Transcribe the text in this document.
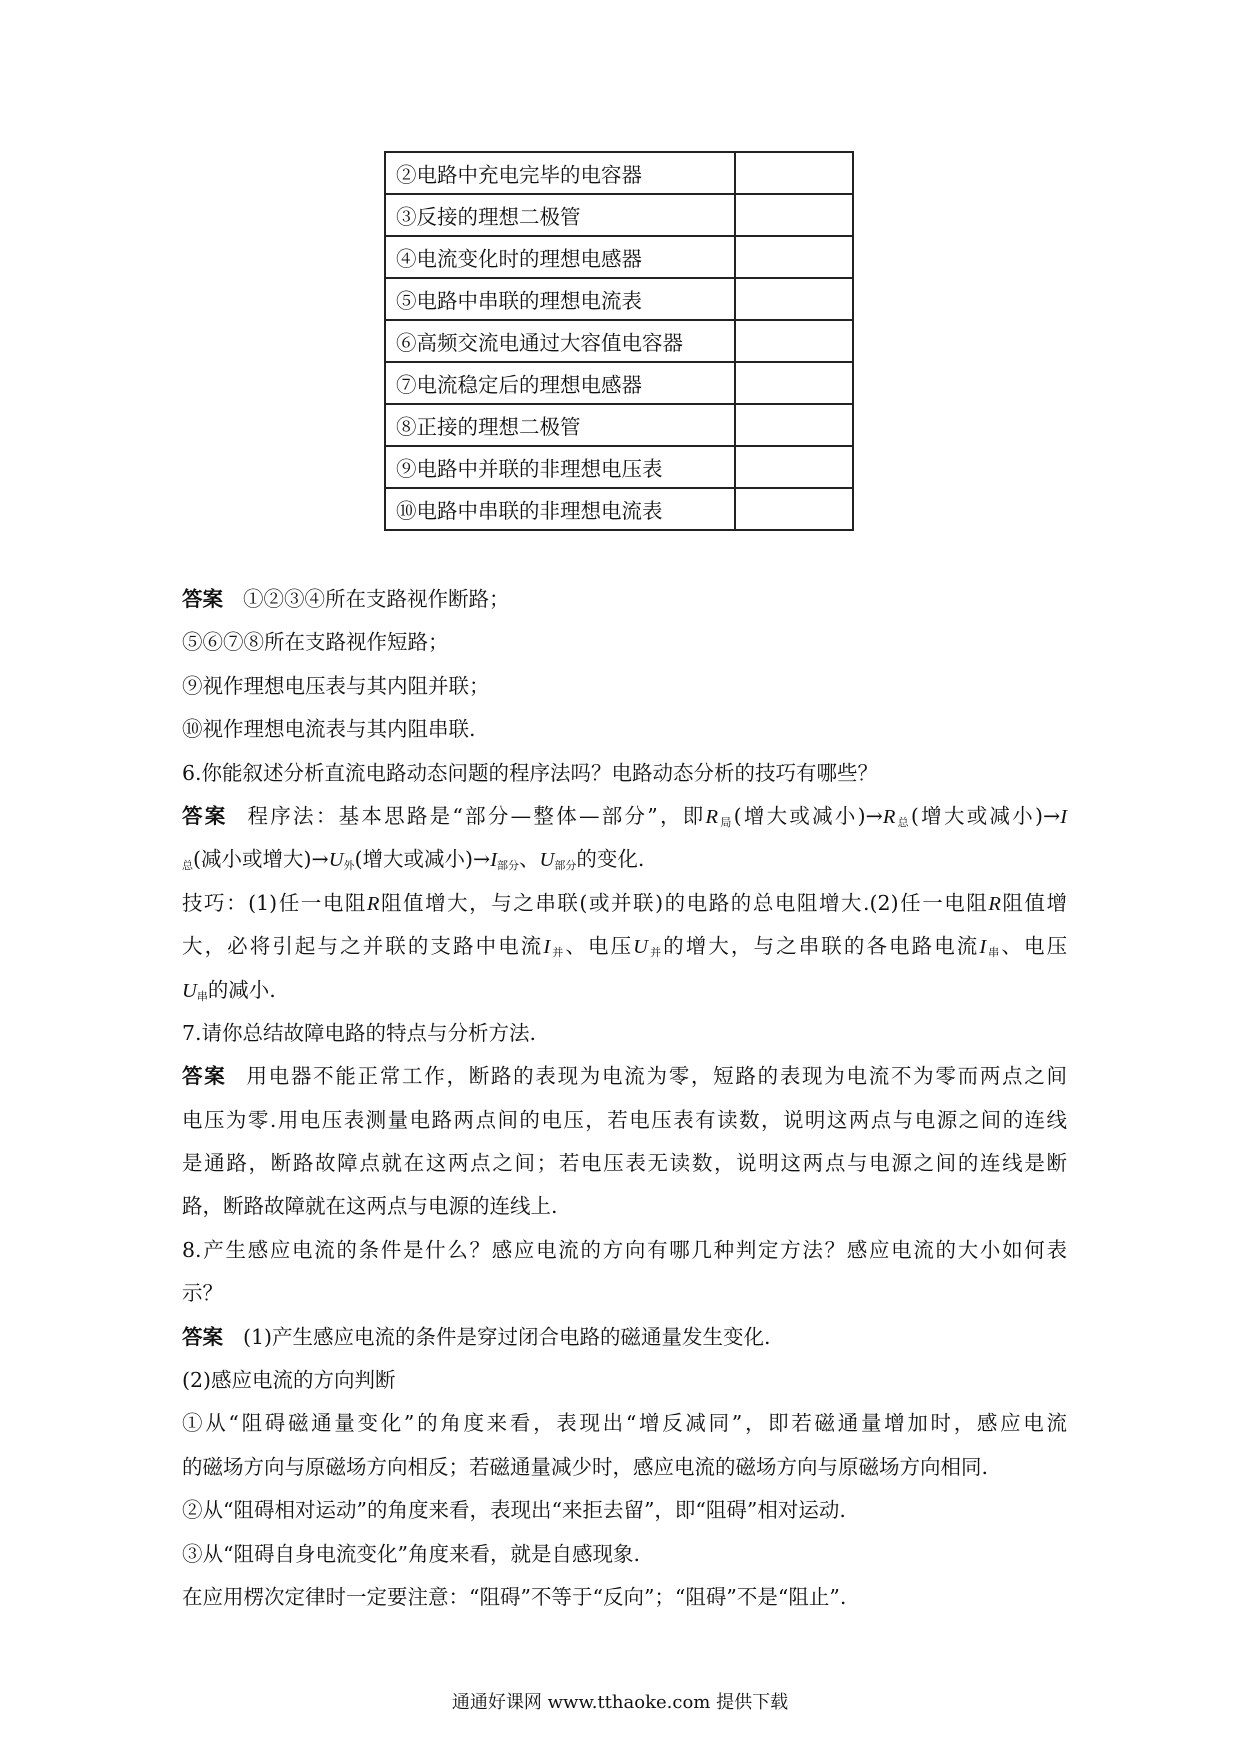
②电路中充电完毕的电容器	
③反接的理想二极管	
④电流变化时的理想电感器	
⑤电路中串联的理想电流表	
⑥高频交流电通过大容值电容器	
⑦电流稳定后的理想电感器	
⑧正接的理想二极管	
⑨电路中并联的非理想电压表	
⑩电路中串联的非理想电流表	
答案 ①②③④所在支路视作断路；
⑤⑥⑦⑧所在支路视作短路；
⑨视作理想电压表与其内阻并联；
⑩视作理想电流表与其内阻串联.
6.你能叙述分析直流电路动态问题的程序法吗？电路动态分析的技巧有哪些？
答案 程序法：基本思路是“部分—整体—部分”，即$R_局$(增大或减小)$\to R_总$(增大或减小)→I
$_总$(减小或增大)$\to U_外$(增大或减小)$\to I_{部分}$、$U_{部分}$的变化.
技巧：(1)任一电阻R阻值增大，与之串联(或并联)的电路的总电阻增大.(2)任一电阻R阻值增
大，必将引起与之并联的支路中电流$I_并$、电压$U_并$的增大，与之串联的各电路电流$I_串$、电压
$U_串$的减小.
7.请你总结故障电路的特点与分析方法.
答案 用电器不能正常工作，断路的表现为电流为零，短路的表现为电流不为零而两点之间
电压为零.用电压表测量电路两点间的电压，若电压表有读数，说明这两点与电源之间的连线
是通路，断路故障点就在这两点之间；若电压表无读数，说明这两点与电源之间的连线是断
路，断路故障就在这两点与电源的连线上.
8.产生感应电流的条件是什么？感应电流的方向有哪几种判定方法？感应电流的大小如何表
示？
答案 (1)产生感应电流的条件是穿过闭合电路的磁通量发生变化.
(2)感应电流的方向判断
①从“阻碍磁通量变化”的角度来看，表现出“增反减同”，即若磁通量增加时，感应电流
的磁场方向与原磁场方向相反；若磁通量减少时，感应电流的磁场方向与原磁场方向相同.
②从“阻碍相对运动”的角度来看，表现出“来拒去留”，即“阻碍”相对运动.
③从“阻碍自身电流变化”角度来看，就是自感现象.
在应用楞次定律时一定要注意：“阻碍”不等于“反向”；“阻碍”不是“阻止”.
通通好课网 www.tthaoke.com 提供下载
